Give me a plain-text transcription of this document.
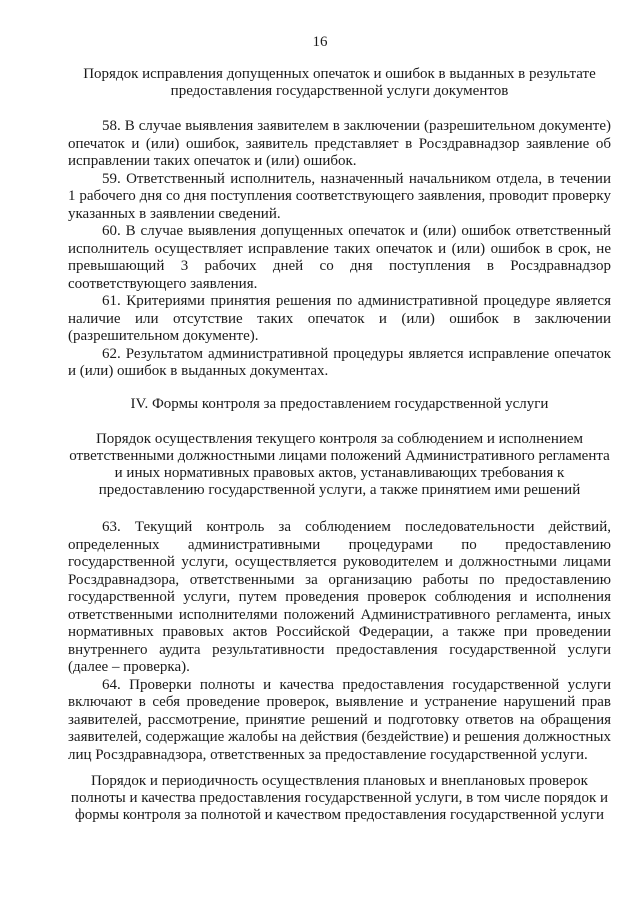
16
Порядок исправления допущенных опечаток и ошибок в выданных в результате предоставления государственной услуги документов

58. В случае выявления заявителем в заключении (разрешительном документе) опечаток и (или) ошибок, заявитель представляет в Росздравнадзор заявление об исправлении таких опечаток и (или) ошибок.

59. Ответственный исполнитель, назначенный начальником отдела, в течении 1 рабочего дня со дня поступления соответствующего заявления, проводит проверку указанных в заявлении сведений.

60. В случае выявления допущенных опечаток и (или) ошибок ответственный исполнитель осуществляет исправление таких опечаток и (или) ошибок в срок, не превышающий 3 рабочих дней со дня поступления в Росздравнадзор соответствующего заявления.

61. Критериями принятия решения по административной процедуре является наличие или отсутствие таких опечаток и (или) ошибок в заключении (разрешительном документе).

62. Результатом административной процедуры является исправление опечаток и (или) ошибок в выданных документах.

IV. Формы контроля за предоставлением государственной услуги
Порядок осуществления текущего контроля за соблюдением и исполнением ответственными должностными лицами положений Административного регламента и иных нормативных правовых актов, устанавливающих требования к предоставлению государственной услуги, а также принятием ими решений

63. Текущий контроль за соблюдением последовательности действий, определенных административными процедурами по предоставлению государственной услуги, осуществляется руководителем и должностными лицами Росздравнадзора, ответственными за организацию работы по предоставлению государственной услуги, путем проведения проверок соблюдения и исполнения ответственными исполнителями положений Административного регламента, иных нормативных правовых актов Российской Федерации, а также при проведении внутреннего аудита результативности предоставления государственной услуги (далее – проверка).

64. Проверки полноты и качества предоставления государственной услуги включают в себя проведение проверок, выявление и устранение нарушений прав заявителей, рассмотрение, принятие решений и подготовку ответов на обращения заявителей, содержащие жалобы на действия (бездействие) и решения должностных лиц Росздравнадзора, ответственных за предоставление государственной услуги.

Порядок и периодичность осуществления плановых и внеплановых проверок полноты и качества предоставления государственной услуги, в том числе порядок и формы контроля за полнотой и качеством предоставления государственной услуги
